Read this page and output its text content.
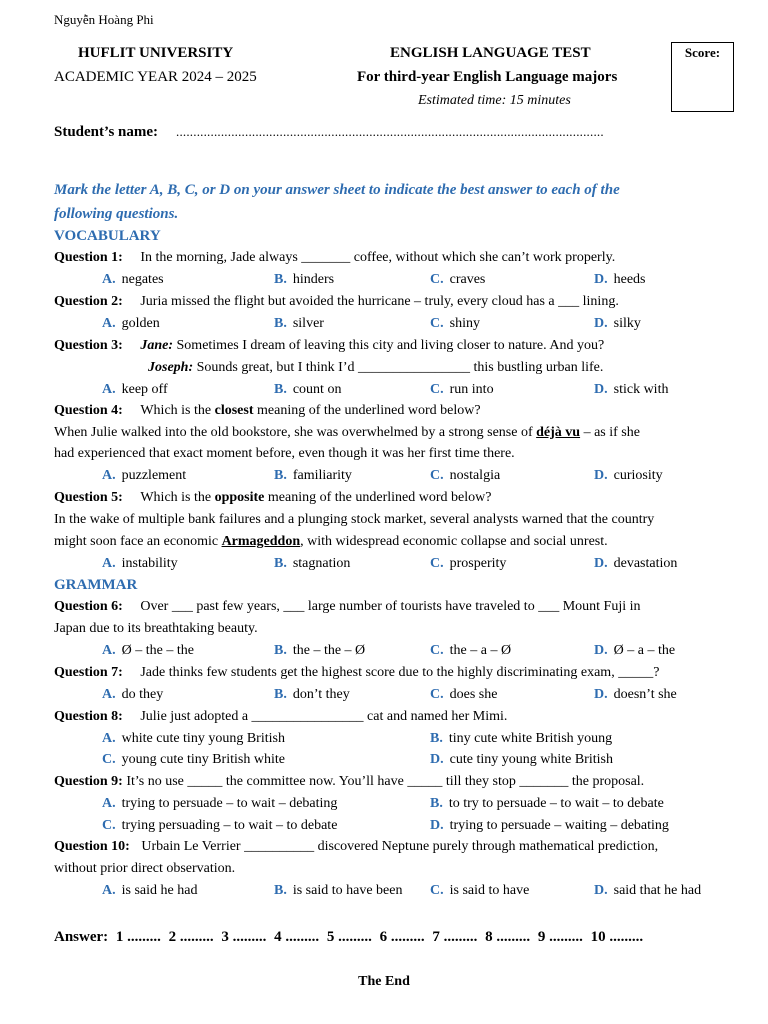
Nguyễn Hoàng Phi
HUFLIT UNIVERSITY
ACADEMIC YEAR 2024 – 2025
ENGLISH LANGUAGE TEST
For third-year English Language majors
Estimated time: 15 minutes
Score:
Student’s name: ............................................................................................................................
Mark the letter A, B, C, or D on your answer sheet to indicate the best answer to each of the
following questions.
VOCABULARY
Question 1: In the morning, Jade always _______ coffee, without which she can’t work properly.
A. negates	B. hinders	C. craves	D. heeds
Question 2: Juria missed the flight but avoided the hurricane – truly, every cloud has a ___ lining.
A. golden	B. silver	C. shiny	D. silky
Question 3: Jane: Sometimes I dream of leaving this city and living closer to nature. And you?
Joseph: Sounds great, but I think I’d ________________ this bustling urban life.
A. keep off	B. count on	C. run into	D. stick with
Question 4: Which is the closest meaning of the underlined word below?
When Julie walked into the old bookstore, she was overwhelmed by a strong sense of déjà vu – as if she
had experienced that exact moment before, even though it was her first time there.
A. puzzlement	B. familiarity	C. nostalgia	D. curiosity
Question 5: Which is the opposite meaning of the underlined word below?
In the wake of multiple bank failures and a plunging stock market, several analysts warned that the country
might soon face an economic Armageddon, with widespread economic collapse and social unrest.
A. instability	B. stagnation	C. prosperity	D. devastation
GRAMMAR
Question 6: Over ___ past few years, ___ large number of tourists have traveled to ___ Mount Fuji in
Japan due to its breathtaking beauty.
A. Ø – the – the	B. the – the – Ø	C. the – a – Ø	D. Ø – a – the
Question 7: Jade thinks few students get the highest score due to the highly discriminating exam, _____?
A. do they	B. don’t they	C. does she	D. doesn’t she
Question 8: Julie just adopted a ________________ cat and named her Mimi.
A. white cute tiny young British	B. tiny cute white British young
C. young cute tiny British white	D. cute tiny young white British
Question 9: It’s no use _____ the committee now. You’ll have _____ till they stop _______ the proposal.
A. trying to persuade – to wait – debating	B. to try to persuade – to wait – to debate
C. trying persuading – to wait – to debate	D. trying to persuade – waiting – debating
Question 10: Urbain Le Verrier __________ discovered Neptune purely through mathematical prediction,
without prior direct observation.
A. is said he had	B. is said to have been C. is said to have	D. said that he had
Answer: 1 ......... 2 ......... 3 ......... 4 ......... 5 ......... 6 ......... 7 ......... 8 ......... 9 ......... 10 .........
The End
